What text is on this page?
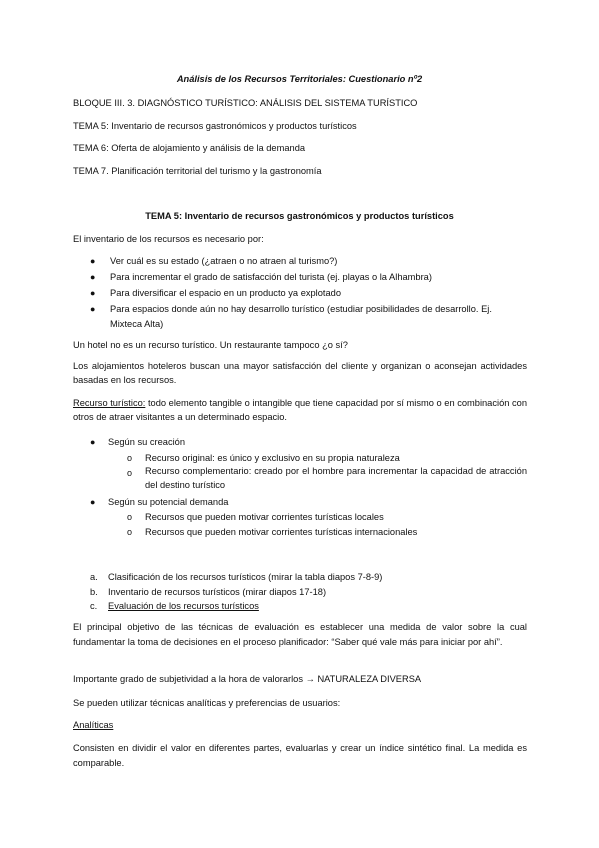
Análisis de los Recursos Territoriales: Cuestionario nº2
BLOQUE III. 3. DIAGNÓSTICO TURÍSTICO: ANÁLISIS DEL SISTEMA TURÍSTICO
TEMA 5: Inventario de recursos gastronómicos y productos turísticos
TEMA 6: Oferta de alojamiento y análisis de la demanda
TEMA 7. Planificación territorial del turismo y la gastronomía
TEMA 5: Inventario de recursos gastronómicos y productos turísticos
El inventario de los recursos es necesario por:
● Ver cuál es su estado (¿atraen o no atraen al turismo?)
● Para incrementar el grado de satisfacción del turista (ej. playas o la Alhambra)
● Para diversificar el espacio en un producto ya explotado
● Para espacios donde aún no hay desarrollo turístico (estudiar posibilidades de desarrollo. Ej.
Mixteca Alta)
Un hotel no es un recurso turístico. Un restaurante tampoco ¿o sí?
Los alojamientos hoteleros buscan una mayor satisfacción del cliente y organizan o aconsejan actividades basadas en los recursos.
Recurso turístico: todo elemento tangible o intangible que tiene capacidad por sí mismo o en combinación con otros de atraer visitantes a un determinado espacio.
● Según su creación
o Recurso original: es único y exclusivo en su propia naturaleza
o Recurso complementario: creado por el hombre para incrementar la capacidad de atracción del destino turístico
● Según su potencial demanda
o Recursos que pueden motivar corrientes turísticas locales
o Recursos que pueden motivar corrientes turísticas internacionales
a. Clasificación de los recursos turísticos (mirar la tabla diapos 7-8-9)
b. Inventario de recursos turísticos (mirar diapos 17-18)
c. Evaluación de los recursos turísticos
El principal objetivo de las técnicas de evaluación es establecer una medida de valor sobre la cual fundamentar la toma de decisiones en el proceso planificador: “Saber qué vale más para iniciar por ahí”.
Importante grado de subjetividad a la hora de valorarlos → NATURALEZA DIVERSA
Se pueden utilizar técnicas analíticas y preferencias de usuarios:
Analíticas
Consisten en dividir el valor en diferentes partes, evaluarlas y crear un índice sintético final. La medida es comparable.
